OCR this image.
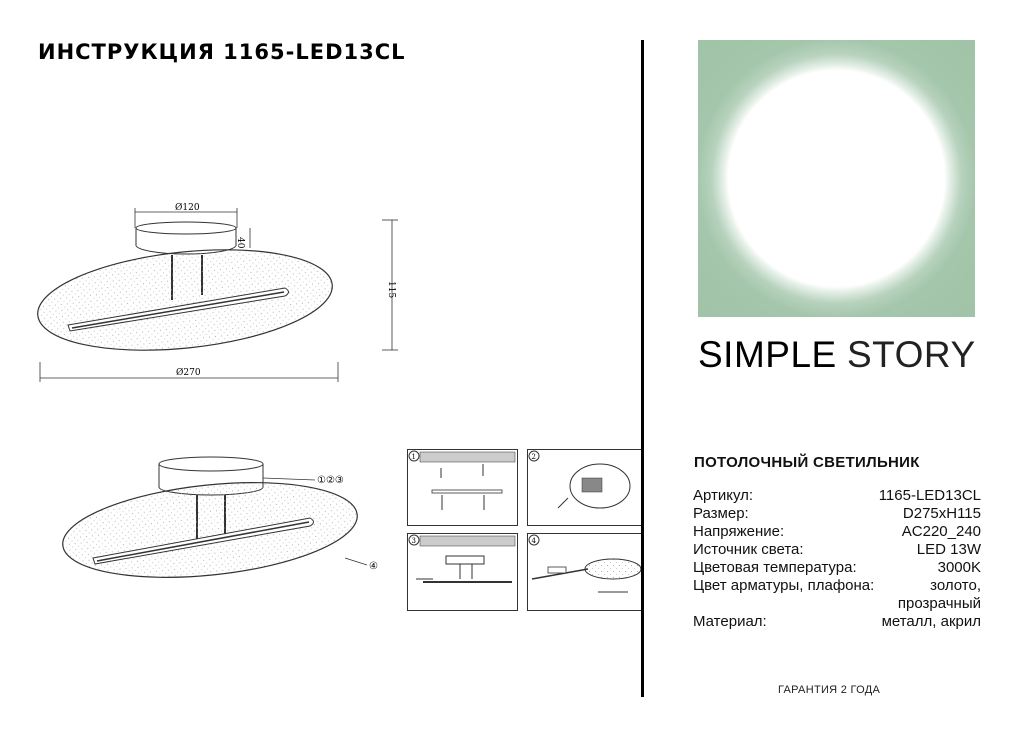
ИНСТРУКЦИЯ 1165-LED13CL
Ø120
40
115
Ø270
①②③
④
1	2
3	4
SIMPLE STORY
ПОТОЛОЧНЫЙ СВЕТИЛЬНИК
Артикул:	1165-LED13CL
Размер:	D275xH115
Напряжение:	AC220_240
Источник света:	LED 13W
Цветовая температура:	3000K
Цвет арматуры, плафона:	золото,
прозрачный
Материал:	металл, акрил
ГАРАНТИЯ 2 ГОДА
